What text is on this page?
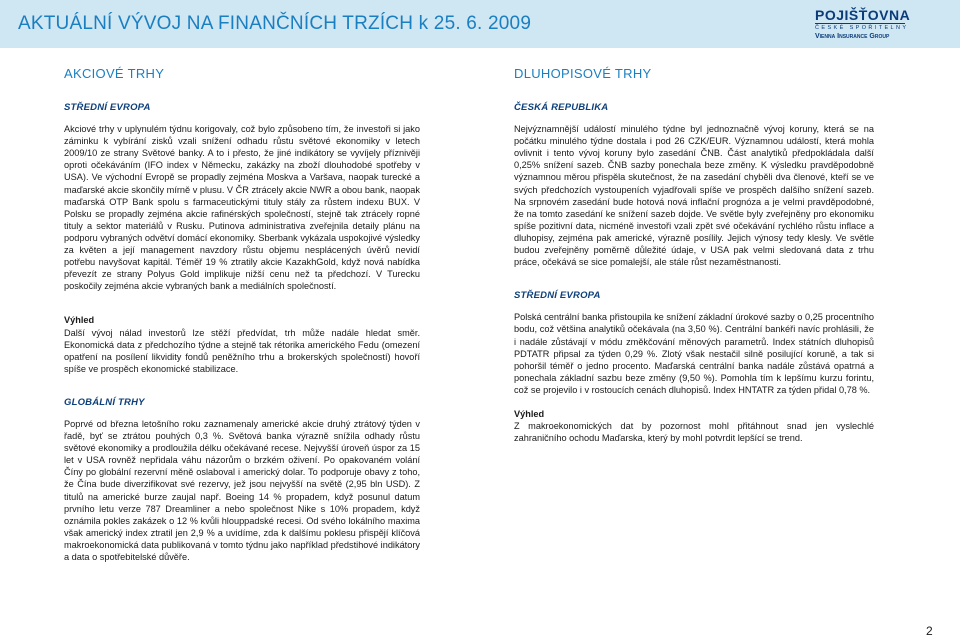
AKTUÁLNÍ VÝVOJ NA FINANČNÍCH TRZÍCH k 25. 6. 2009	POJIŠŤOVNA
ČESKÉ SPOŘITELNY
Vienna Insurance Group
AKCIOVÉ TRHY	DLUHOPISOVÉ TRHY

STŘEDNÍ EVROPA

Akciové trhy v uplynulém týdnu korigovaly, což bylo způsobeno tím, že investoři si jako záminku k vybírání zisků vzali snížení odhadu růstu světové ekonomiky v letech 2009/10 ze strany Světové banky. A to i přesto, že jiné indikátory se vyvíjely příznivěji oproti očekáváním (IFO index v Německu, zakázky na zboží dlouhodobé spotřeby v USA). Ve východní Evropě se propadly zejména Moskva a Varšava, naopak turecké a maďarské akcie skončily mírně v plusu. V ČR ztrácely akcie NWR a obou bank, naopak maďarská OTP Bank spolu s farmaceutickými tituly stály za růstem indexu BUX. V Polsku se propadly zejména akcie rafinérských společností, stejně tak ztrácely ropné tituly a sektor materiálů v Rusku. Putinova administrativa zveřejnila detaily plánu na podporu vybraných odvětví domácí ekonomiky. Sberbank vykázala uspokojivé výsledky za květen a její management navzdory růstu objemu nesplácených úvěrů nevidí potřebu navyšovat kapitál. Téměř 19 % ztratily akcie KazakhGold, když nová nabídka převezít ze strany Polyus Gold implikuje nižší cenu než ta předchozí. V Turecku poskočily zejména akcie vybraných bank a mediálních společností.

Výhled

Další vývoj nálad investorů lze stěží předvídat, trh může nadále hledat směr. Ekonomická data z předchozího týdne a stejně tak rétorika amerického Fedu (omezení opatření na posílení likvidity fondů peněžního trhu a brokerských společností) hovoří spíše ve prospěch ekonomické stabilizace.

GLOBÁLNÍ TRHY

Poprvé od března letošního roku zaznamenaly americké akcie druhý ztrátový týden v řadě, byť se ztrátou pouhých 0,3 %. Světová banka výrazně snížila odhady růstu světové ekonomiky a prodloužila délku očekávané recese. Nejvyšší úroveň úspor za 15 let v USA rovněž nepřidala váhu názorům o brzkém oživení. Po opakovaném volání Číny po globální rezervní měně oslaboval i americký dolar. To podporuje obavy z toho, že Čína bude diverzifikovat své rezervy, jež jsou nejvyšší na světě (2,95 bln USD). Z titulů na americké burze zaujal např. Boeing 14 % propadem, když posunul datum prvního letu verze 787 Dreamliner a nebo společnost Nike s 10% propadem, když oznámila pokles zakázek o 12 % kvůli hlouppadské recesi. Od svého lokálního maxima však americký index ztratil jen 2,9 % a uvidíme, zda k dalšímu poklesu přispějí klíčová makroekonomická data publikovaná v tomto týdnu jako například předstihové indikátory a data o spotřebitelské důvěře.

ČESKÁ REPUBLIKA

Nejvýznamnější událostí minulého týdne byl jednoznačně vývoj koruny, která se na počátku minulého týdne dostala i pod 26 CZK/EUR. Významnou událostí, která mohla ovlivnit i tento vývoj koruny bylo zasedání ČNB. Část analytiků předpokládala další 0,25% snížení sazeb. ČNB sazby ponechala beze změny. K výsledku pravděpodobně významnou měrou přispěla skutečnost, že na zasedání chyběli dva členové, kteří se ve svých předchozích vystoupeních vyjadřovali spíše ve prospěch dalšího snížení sazeb. Na srpnovém zasedání bude hotová nová inflační prognóza a je velmi pravděpodobné, že na tomto zasedání ke snížení sazeb dojde. Ve světle byly zveřejněny pro ekonomiku spíše pozitivní data, nicméně investoři vzali zpět své očekávání rychlého růstu inflace a dluhopisy, zejména pak americké, výrazně posílily. Jejich výnosy tedy klesly. Ve světle budou zveřejněny poměrně důležité údaje, v USA pak velmi sledovaná data z trhu práce, očekává se sice pomalejší, ale stále růst nezaměstnanosti.

STŘEDNÍ EVROPA

Polská centrální banka přistoupila ke snížení základní úrokové sazby o 0,25 procentního bodu, což většina analytiků očekávala (na 3,50 %). Centrální bankéři navíc prohlásili, že i nadále zůstávají v módu změkčování měnových parametrů. Index státních dluhopisů PDTATR připsal za týden 0,29 %. Zlotý však nestačil silně posilující koruně, a tak si pohoršil téměř o jedno procento. Maďarská centrální banka nadále zůstává opatrná a ponechala základní sazbu beze změny (9,50 %). Pomohla tím k lepšímu kurzu forintu, což se projevilo i v rostoucích cenách dluhopisů. Index HNTATR za týden přidal 0,78 %.

Výhled

Z makroekonomických dat by pozornost mohl přitáhnout snad jen vyslechlé zahraničního ochodu Maďarska, který by mohl potvrdit lepšící se trend.

2
